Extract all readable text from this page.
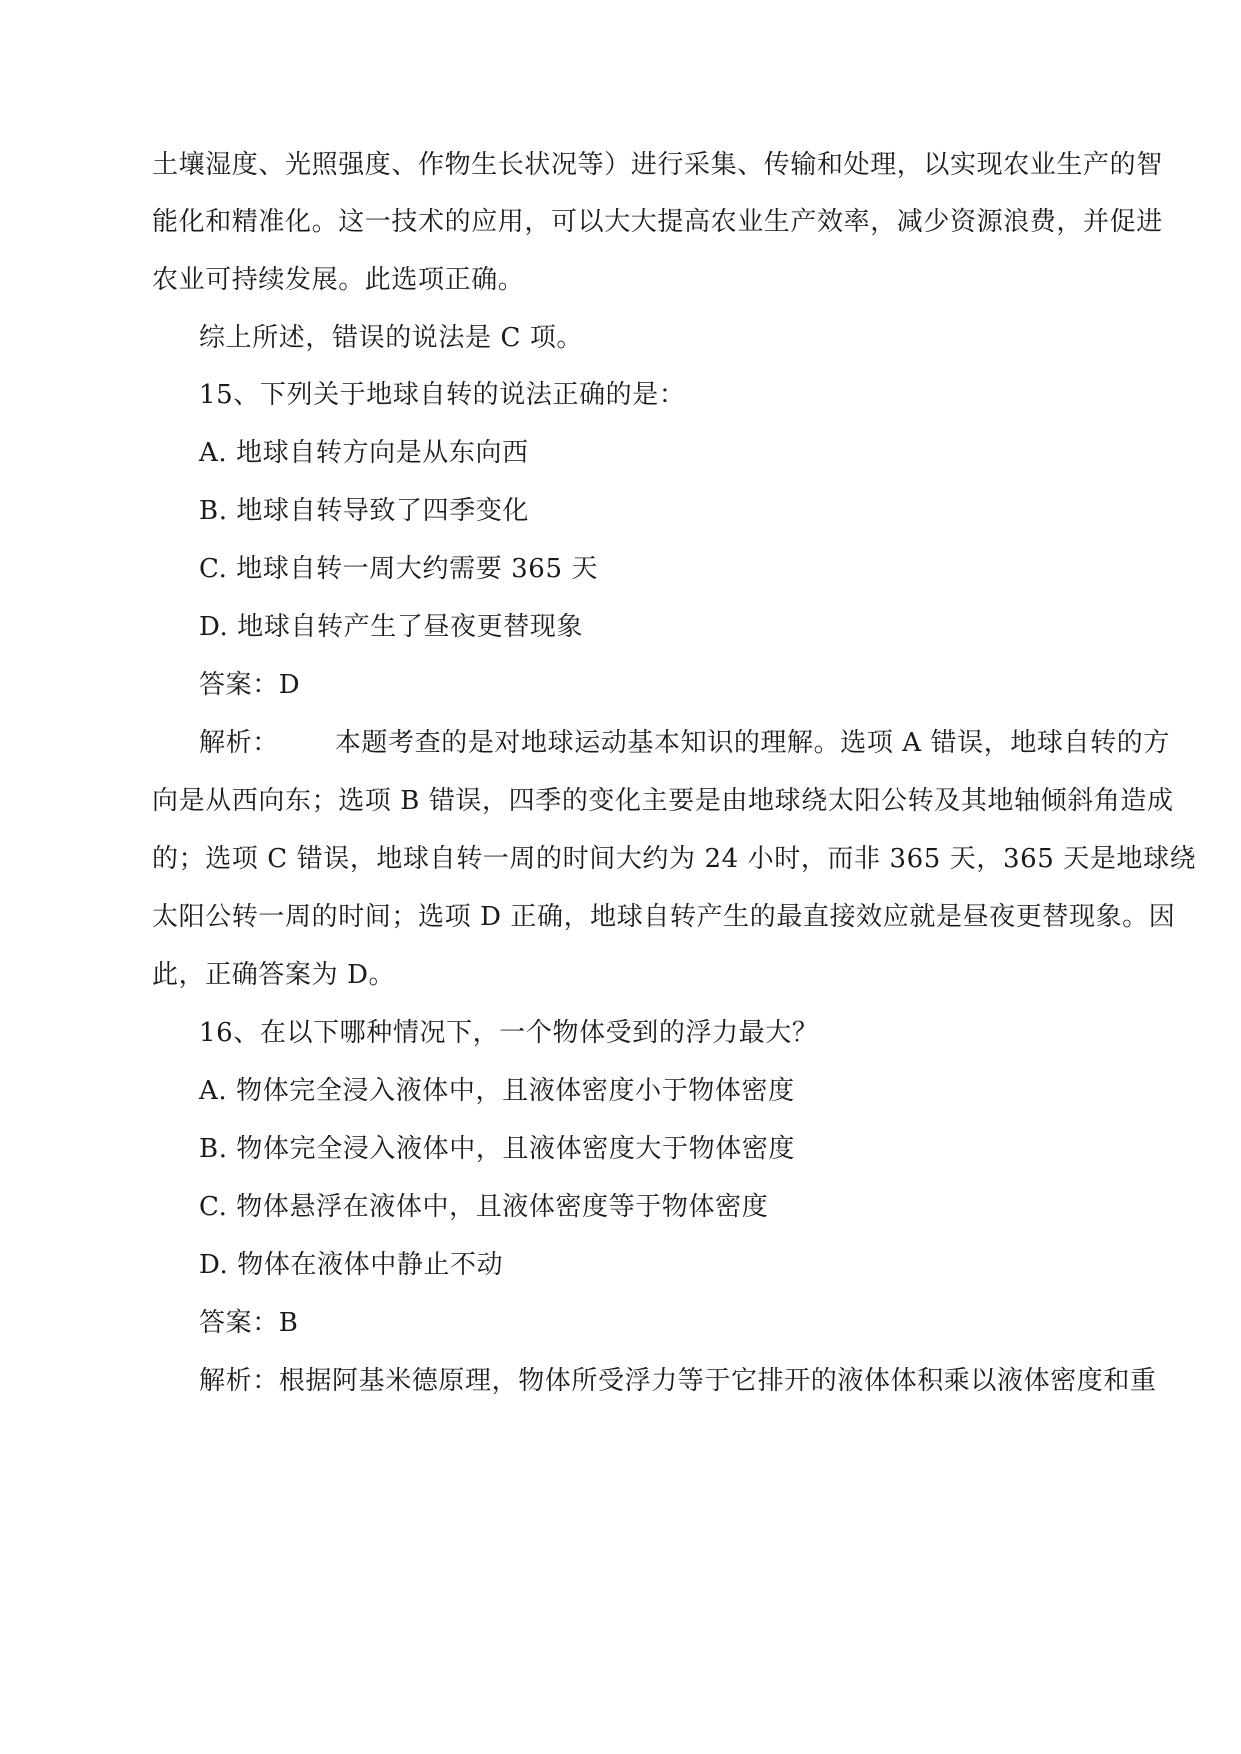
土壤湿度、光照强度、作物生长状况等）进行采集、传输和处理，以实现农业生产的智
能化和精准化。这一技术的应用，可以大大提高农业生产效率，减少资源浪费，并促进
农业可持续发展。此选项正确。
综上所述，错误的说法是 C 项。
15、下列关于地球自转的说法正确的是：
A. 地球自转方向是从东向西
B. 地球自转导致了四季变化
C. 地球自转一周大约需要 365 天
D. 地球自转产生了昼夜更替现象
答案：D
解析： 本题考查的是对地球运动基本知识的理解。选项 A 错误，地球自转的方
向是从西向东；选项 B 错误，四季的变化主要是由地球绕太阳公转及其地轴倾斜角造成
的；选项 C 错误，地球自转一周的时间大约为 24 小时，而非 365 天，365 天是地球绕
太阳公转一周的时间；选项 D 正确，地球自转产生的最直接效应就是昼夜更替现象。因
此，正确答案为 D。
16、在以下哪种情况下，一个物体受到的浮力最大？
A. 物体完全浸入液体中，且液体密度小于物体密度
B. 物体完全浸入液体中，且液体密度大于物体密度
C. 物体悬浮在液体中，且液体密度等于物体密度
D. 物体在液体中静止不动
答案：B
解析：根据阿基米德原理，物体所受浮力等于它排开的液体体积乘以液体密度和重
